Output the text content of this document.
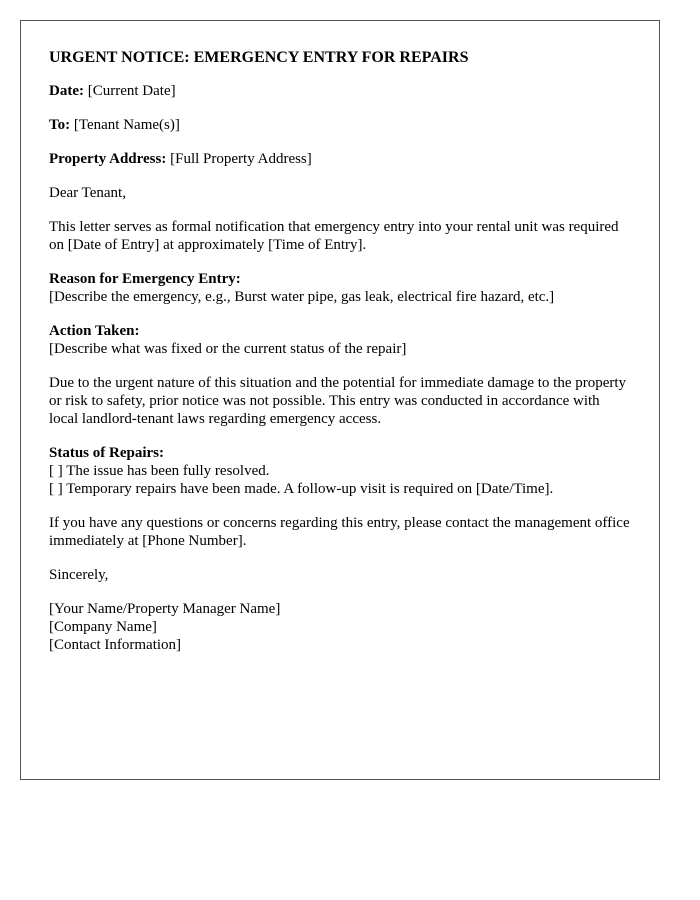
URGENT NOTICE: EMERGENCY ENTRY FOR REPAIRS

Date: [Current Date]

To: [Tenant Name(s)]

Property Address: [Full Property Address]

Dear Tenant,

This letter serves as formal notification that emergency entry into your rental unit was required on [Date of Entry] at approximately [Time of Entry].

Reason for Emergency Entry:
[Describe the emergency, e.g., Burst water pipe, gas leak, electrical fire hazard, etc.]
Action Taken:
[Describe what was fixed or the current status of the repair]

Due to the urgent nature of this situation and the potential for immediate damage to the property or risk to safety, prior notice was not possible. This entry was conducted in accordance with local landlord-tenant laws regarding emergency access.

Status of Repairs:
[ ] The issue has been fully resolved.
[ ] Temporary repairs have been made. A follow-up visit is required on [Date/Time].

If you have any questions or concerns regarding this entry, please contact the management office immediately at [Phone Number].

Sincerely,

[Your Name/Property Manager Name]
[Company Name]
[Contact Information]
